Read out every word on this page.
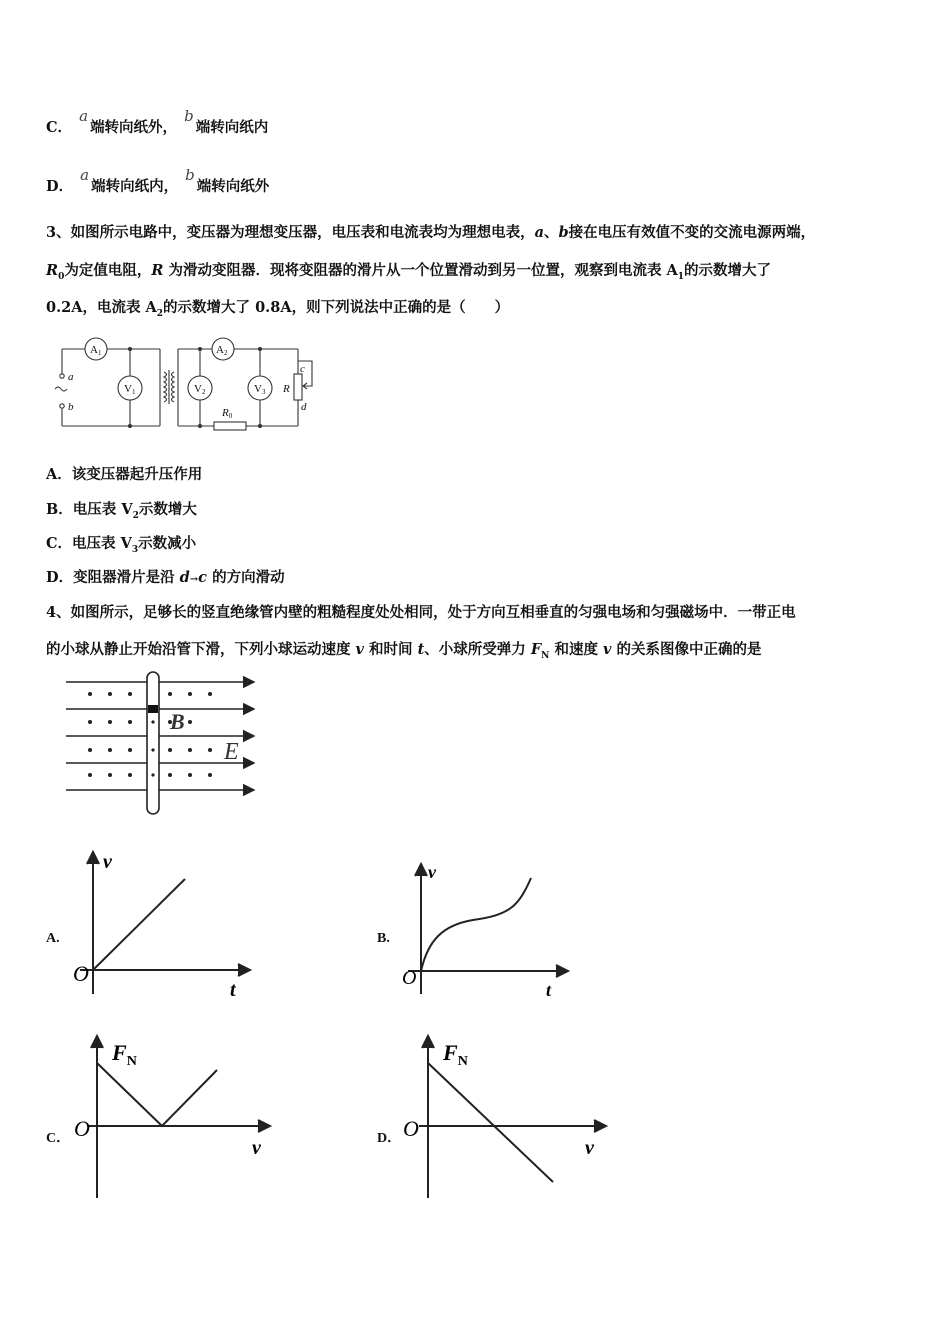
C． a端转向纸外， b端转向纸内
D． a端转向纸内， b端转向纸外
3、如图所示电路中，变压器为理想变压器，电压表和电流表均为理想电表，a、b接在电压有效值不变的交流电源两端，
$R_0$为定值电阻，R 为滑动变阻器．现将变阻器的滑片从一个位置滑动到另一位置，观察到电流表 $A_1$的示数增大了
0.2A，电流表 $A_2$的示数增大了 0.8A，则下列说法中正确的是（　　）
A1	A2
V1	V2	V3
a
b
c
d
R
R0
A．该变压器起升压作用
B．电压表 $V_2$示数增大
C．电压表 $V_3$示数减小
D．变阻器滑片是沿 d→c 的方向滑动
4、如图所示，足够长的竖直绝缘管内壁的粗糙程度处处相同，处于方向互相垂直的匀强电场和匀强磁场中．一带正电
的小球从静止开始沿管下滑，下列小球运动速度 v 和时间 t、小球所受弹力 $F_N$ 和速度 v 的关系图像中正确的是
B
E
A.	B.
C．	D．
v
O
t
v
O
t
$F_N$
O
v
$F_N$
O
v
